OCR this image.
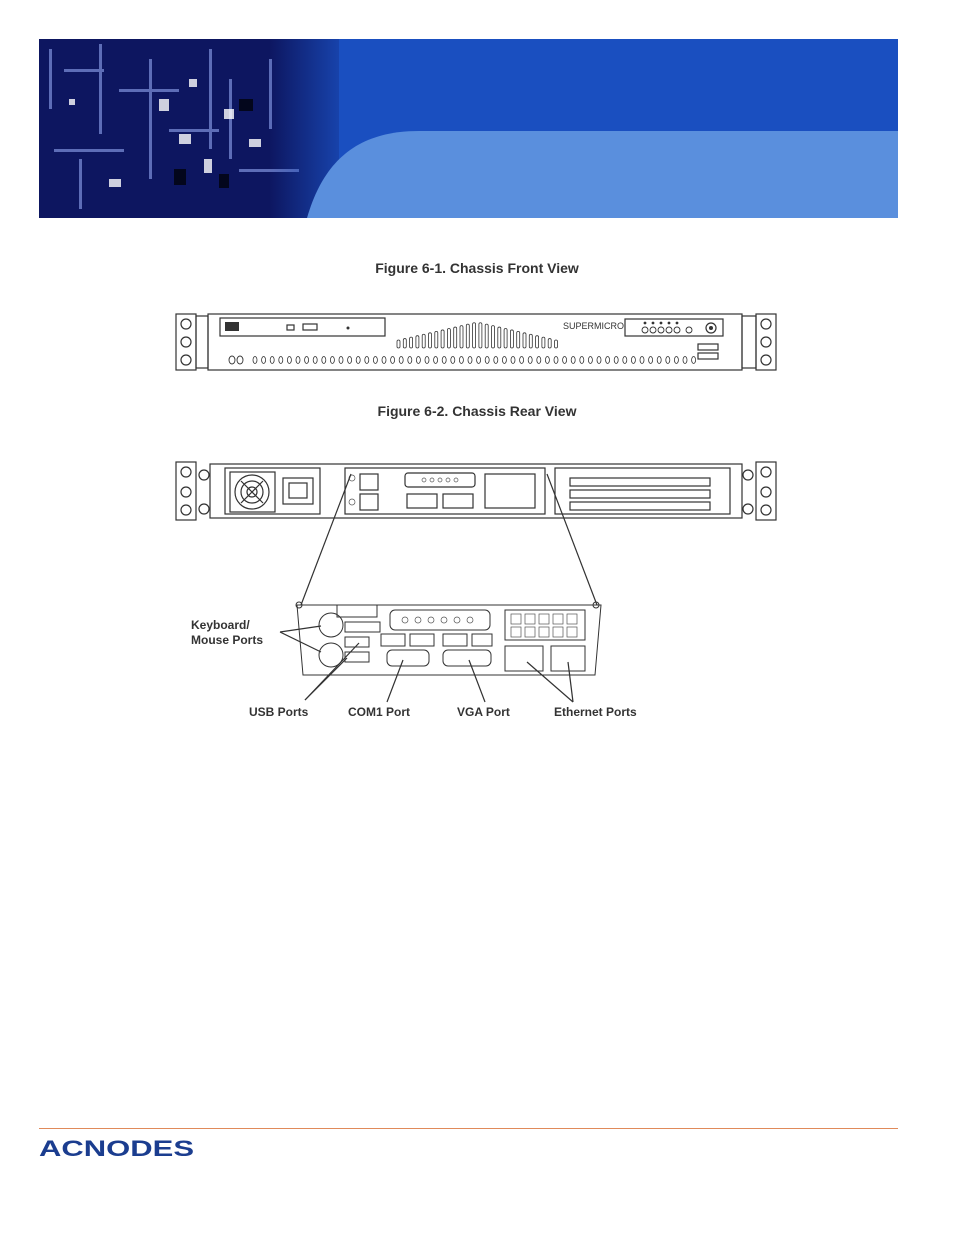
Figure 6-1. Chassis Front View
SUPERMICRO
Figure 6-2. Chassis Rear View
Keyboard/
Mouse Ports
USB Ports	COM1 Port	VGA Port	Ethernet Ports
ACNODES
